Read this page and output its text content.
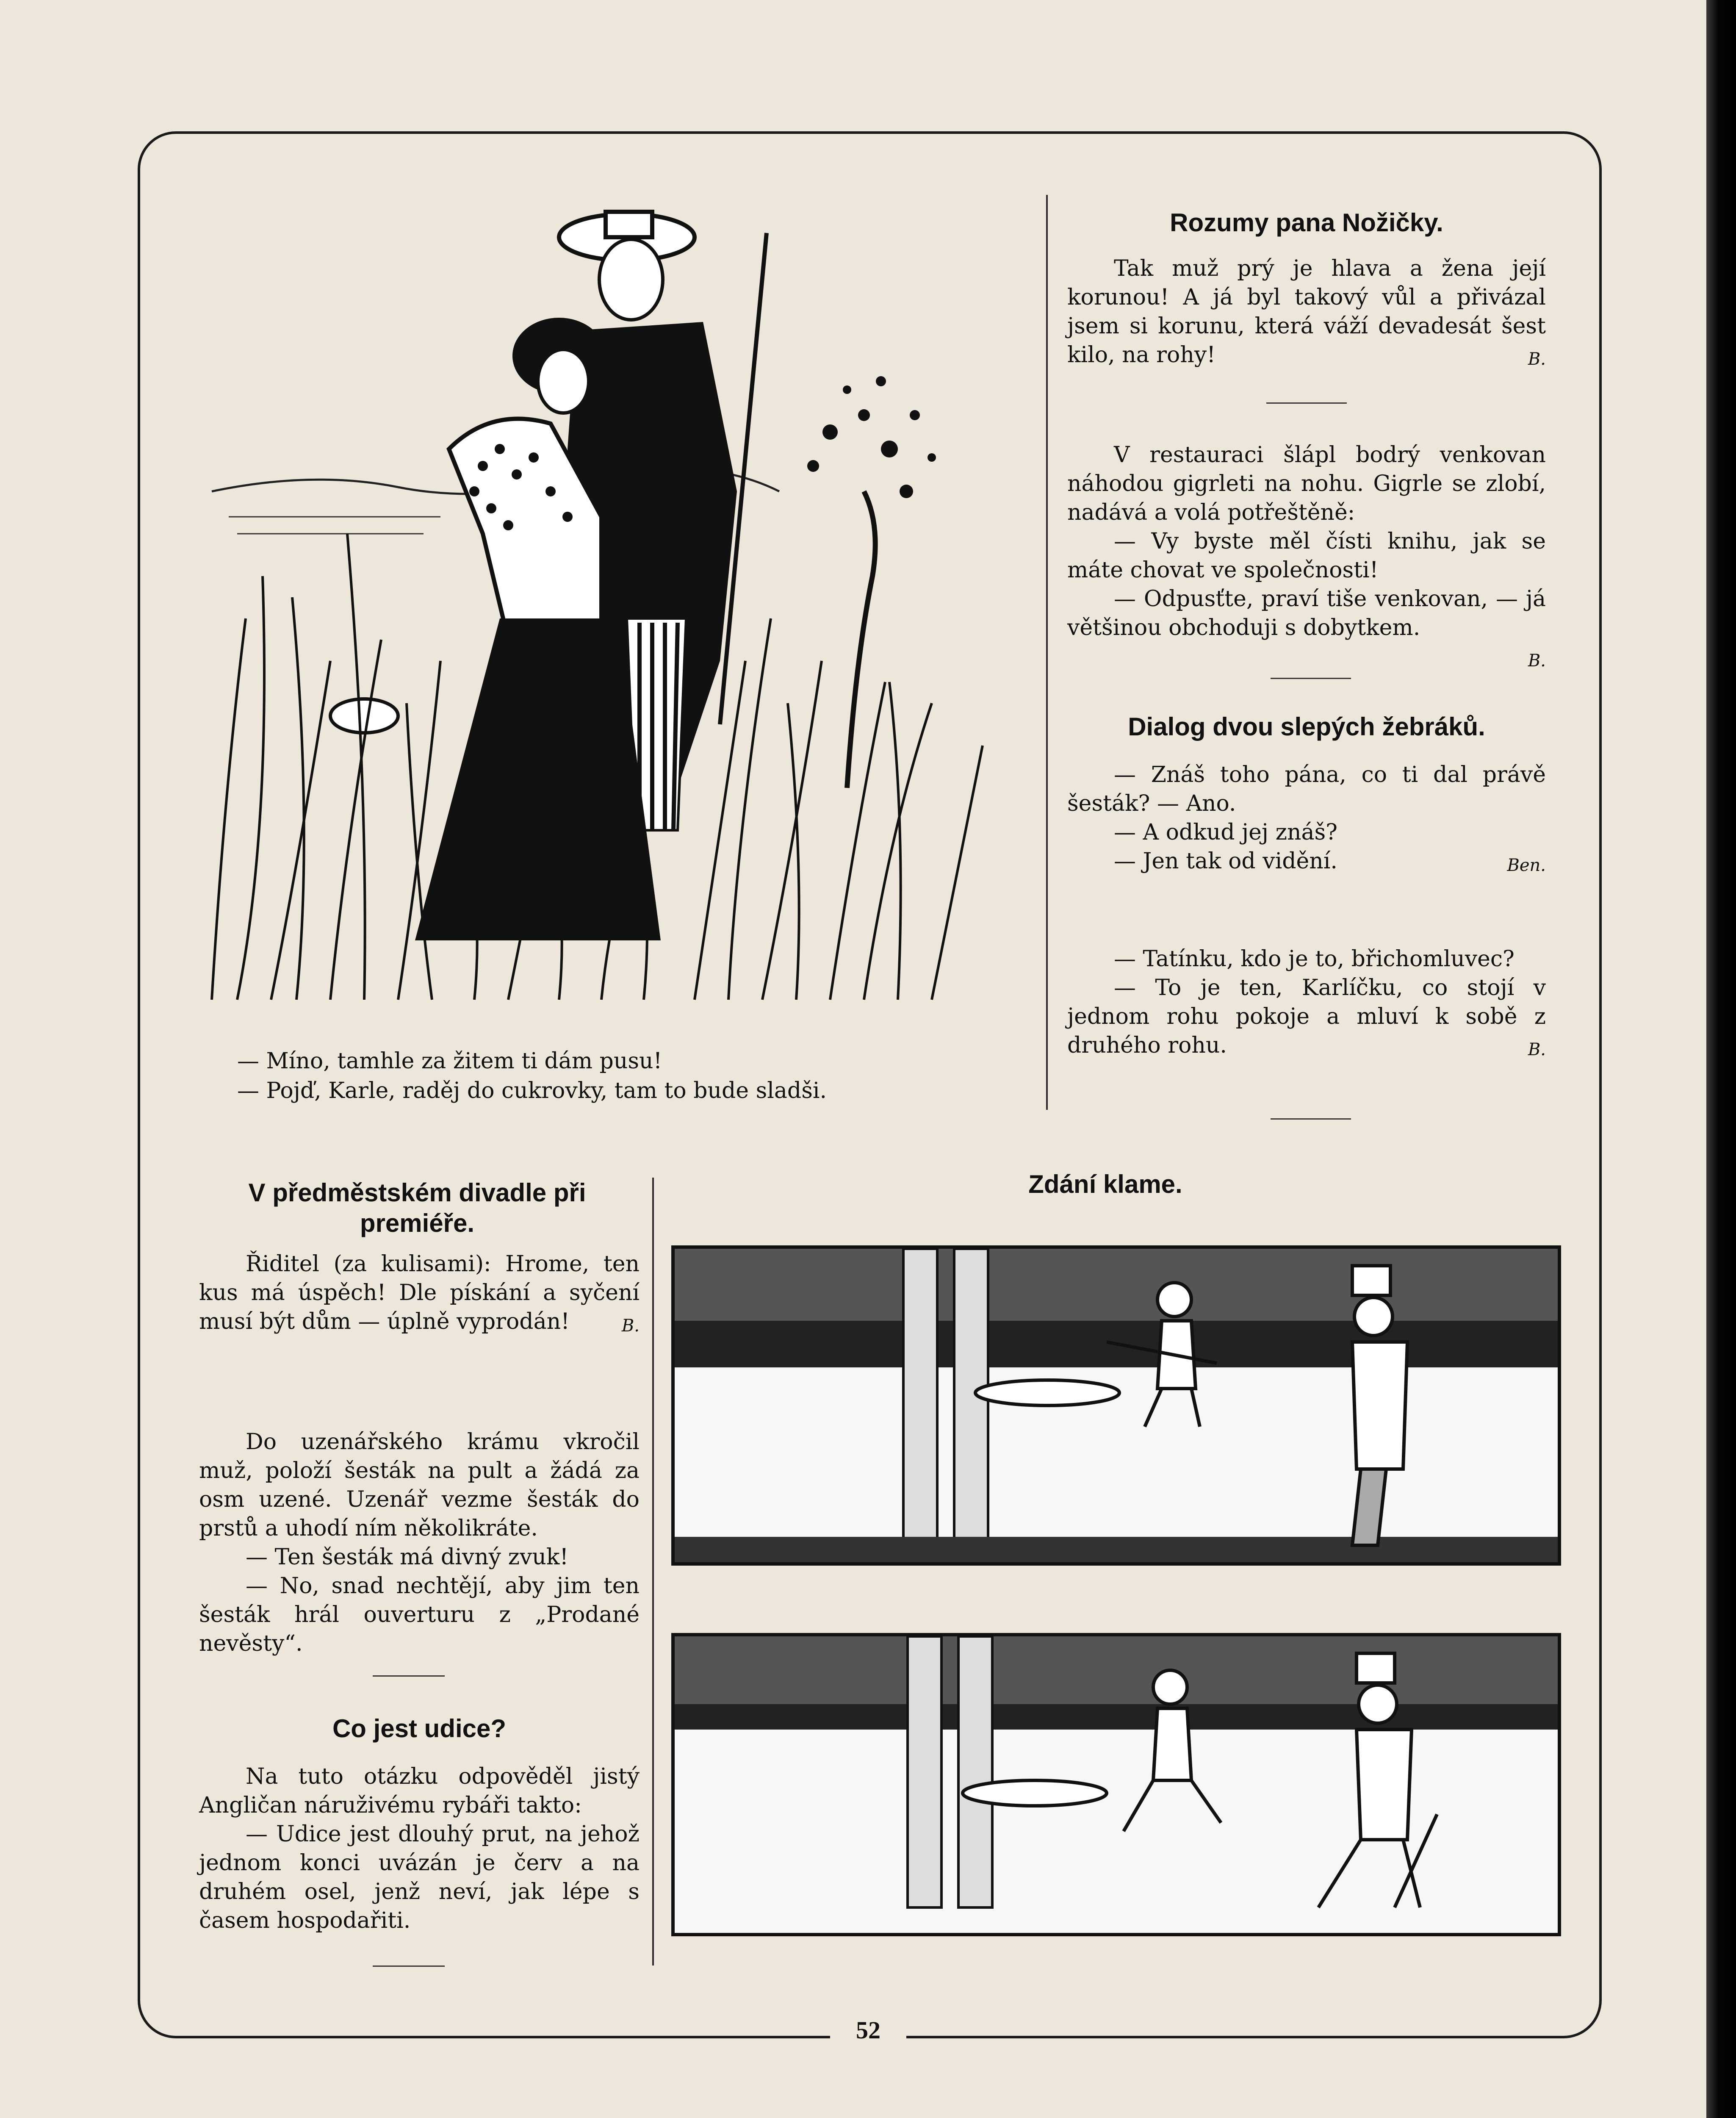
52

— Míno, tamhle za žitem ti dám pusu!

— Pojď, Karle, raděj do cukrovky, tam to bude sladši.

Rozumy pana Nožičky.

Tak muž prý je hlava a žena její korunou! A já byl takový vůl a přivázal jsem si korunu, která váží devadesát šest kilo, na rohy!	B.

V restauraci šlápl bodrý venkovan náhodou gigrleti na nohu. Gigrle se zlobí, nadává a volá potřeštěně:

— Vy byste měl čísti knihu, jak se máte chovat ve společnosti!

— Odpusťte, praví tiše venkovan, — já většinou obchoduji s dobytkem.

B.

Dialog dvou slepých žebráků.

— Znáš toho pána, co ti dal právě šesták? — Ano.

— A odkud jej znáš?

— Jen tak od vidění.	Ben.

— Tatínku, kdo je to, břichomluvec?

— To je ten, Karlíčku, co stojí v jednom rohu pokoje a mluví k sobě z druhého rohu.	B.

V předměstském divadle při premiéře.

Řiditel (za kulisami): Hrome, ten kus má úspěch! Dle pískání a syčení musí být dům — úplně vyprodán!	B.

Do uzenářského krámu vkročil muž, položí šesták na pult a žádá za osm uzené. Uzenář vezme šesták do prstů a uhodí ním několikráte.

— Ten šesták má divný zvuk!

— No, snad nechtějí, aby jim ten šesták hrál ouverturu z „Prodané nevěsty“.

Co jest udice?

Na tuto otázku odpověděl jistý Angličan náruživému rybáři takto:

— Udice jest dlouhý prut, na jehož jednom konci uvázán je červ a na druhém osel, jenž neví, jak lépe s časem hospodařiti.

Zdání klame.
